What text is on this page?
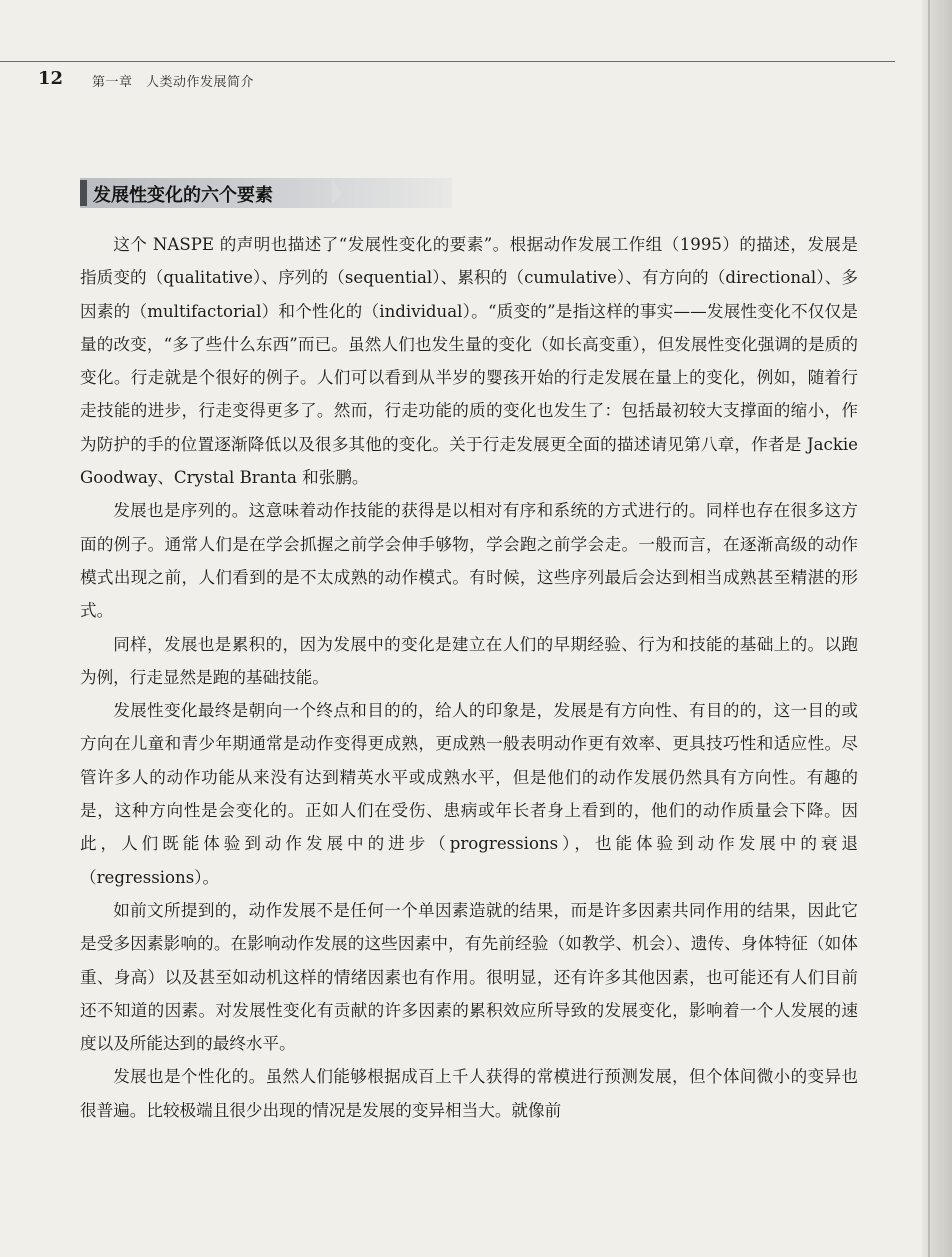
12 第一章　人类动作发展简介
发展性变化的六个要素

这个 NASPE 的声明也描述了“发展性变化的要素”。根据动作发展工作组（1995）的描述，发展是指质变的（qualitative）、序列的（sequential）、累积的（cumulative）、有方向的（directional）、多因素的（multifactorial）和个性化的（individual）。“质变的”是指这样的事实——发展性变化不仅仅是量的改变，“多了些什么东西”而已。虽然人们也发生量的变化（如长高变重），但发展性变化强调的是质的变化。行走就是个很好的例子。人们可以看到从半岁的婴孩开始的行走发展在量上的变化，例如，随着行走技能的进步，行走变得更多了。然而，行走功能的质的变化也发生了：包括最初较大支撑面的缩小，作为防护的手的位置逐渐降低以及很多其他的变化。关于行走发展更全面的描述请见第八章，作者是 Jackie Goodway、Crystal Branta 和张鹏。

发展也是序列的。这意味着动作技能的获得是以相对有序和系统的方式进行的。同样也存在很多这方面的例子。通常人们是在学会抓握之前学会伸手够物，学会跑之前学会走。一般而言，在逐渐高级的动作模式出现之前，人们看到的是不太成熟的动作模式。有时候，这些序列最后会达到相当成熟甚至精湛的形式。

同样，发展也是累积的，因为发展中的变化是建立在人们的早期经验、行为和技能的基础上的。以跑为例，行走显然是跑的基础技能。

发展性变化最终是朝向一个终点和目的的，给人的印象是，发展是有方向性、有目的的，这一目的或方向在儿童和青少年期通常是动作变得更成熟，更成熟一般表明动作更有效率、更具技巧性和适应性。尽管许多人的动作功能从来没有达到精英水平或成熟水平，但是他们的动作发展仍然具有方向性。有趣的是，这种方向性是会变化的。正如人们在受伤、患病或年长者身上看到的，他们的动作质量会下降。因此，人们既能体验到动作发展中的进步（progressions），也能体验到动作发展中的衰退（regressions）。

如前文所提到的，动作发展不是任何一个单因素造就的结果，而是许多因素共同作用的结果，因此它是受多因素影响的。在影响动作发展的这些因素中，有先前经验（如教学、机会）、遗传、身体特征（如体重、身高）以及甚至如动机这样的情绪因素也有作用。很明显，还有许多其他因素，也可能还有人们目前还不知道的因素。对发展性变化有贡献的许多因素的累积效应所导致的发展变化，影响着一个人发展的速度以及所能达到的最终水平。

发展也是个性化的。虽然人们能够根据成百上千人获得的常模进行预测发展，但个体间微小的变异也很普遍。比较极端且很少出现的情况是发展的变异相当大。就像前
